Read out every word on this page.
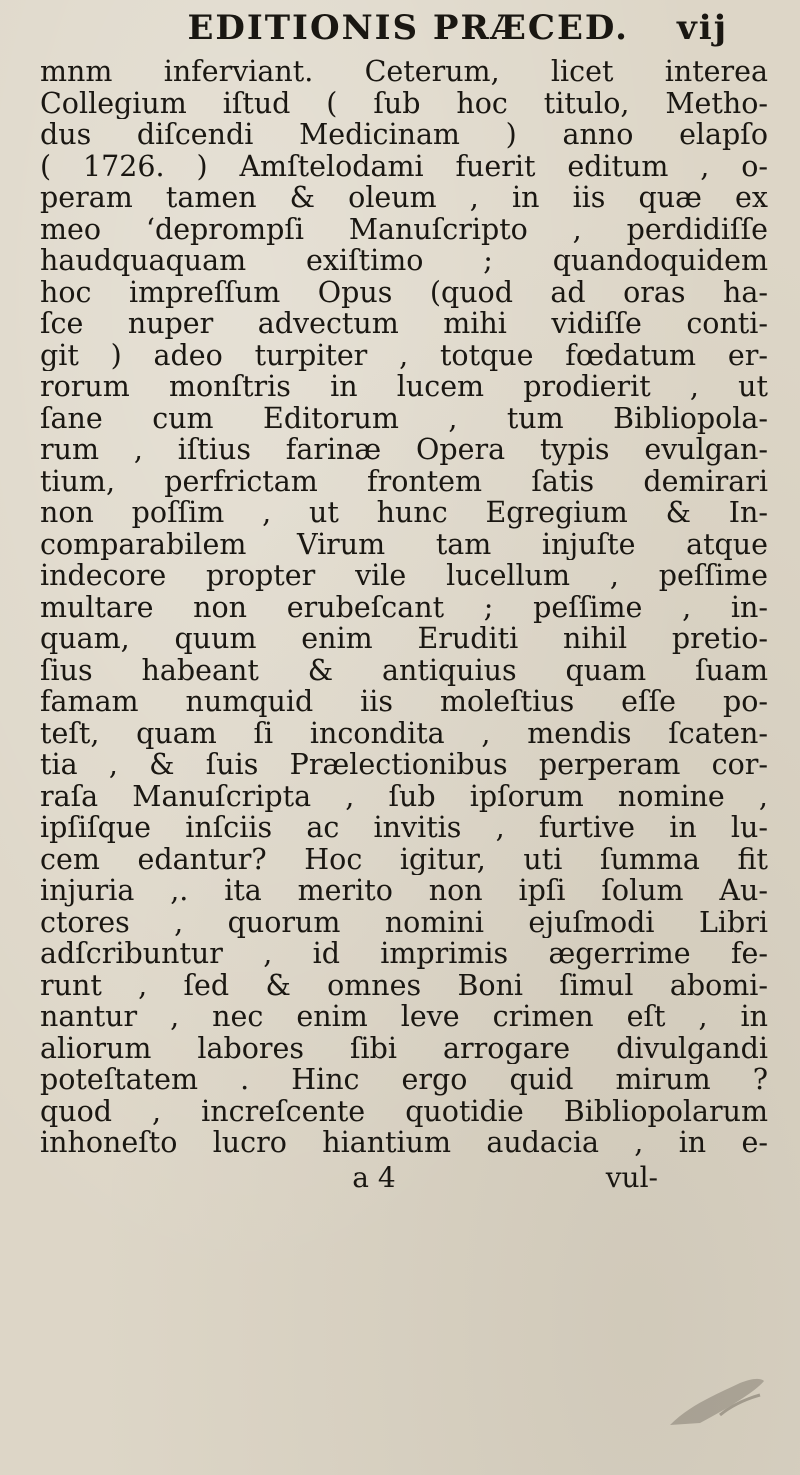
EDITIONIS PRÆCED. vij
mnm inferviant. Ceterum, licet interea
Collegium iſtud ( ſub hoc titulo, Metho-
dus diſcendi Medicinam ) anno elapſo
( 1726. ) Amſtelodami fuerit editum , o-
peram tamen & oleum , in iis quæ ex
meo ‘deprompſi Manuſcripto , perdidiſſe
haudquaquam exiſtimo ; quandoquidem
hoc impreſſum Opus (quod ad oras ha-
ſce nuper advectum mihi vidiſſe conti-
git ) adeo turpiter , totque fœdatum er-
rorum monſtris in lucem prodierit , ut
ſane cum Editorum , tum Bibliopola-
rum , iſtius farinæ Opera typis evulgan-
tium, perfrictam frontem ſatis demirari
non poſſim , ut hunc Egregium & In-
comparabilem Virum tam injuſte atque
indecore propter vile lucellum , peſſime
multare non erubeſcant ; peſſime , in-
quam, quum enim Eruditi nihil pretio-
ſius habeant & antiquius quam ſuam
famam numquid iis moleſtius eſſe po-
teſt, quam ſi incondita , mendis ſcaten-
tia , & ſuis Prælectionibus perperam cor-
raſa Manuſcripta , ſub ipſorum nomine ,
ipſiſque inſciis ac invitis , furtive in lu-
cem edantur? Hoc igitur, uti ſumma fit
injuria ,. ita merito non ipſi ſolum Au-
ctores , quorum nomini ejuſmodi Libri
adſcribuntur , id imprimis ægerrime fe-
runt , ſed & omnes Boni ſimul abomi-
nantur , nec enim leve crimen eſt , in
aliorum labores ſibi arrogare divulgandi
poteſtatem . Hinc ergo quid mirum ?
quod , increſcente quotidie Bibliopolarum
inhoneſto lucro hiantium audacia , in e-
a 4	vul-
